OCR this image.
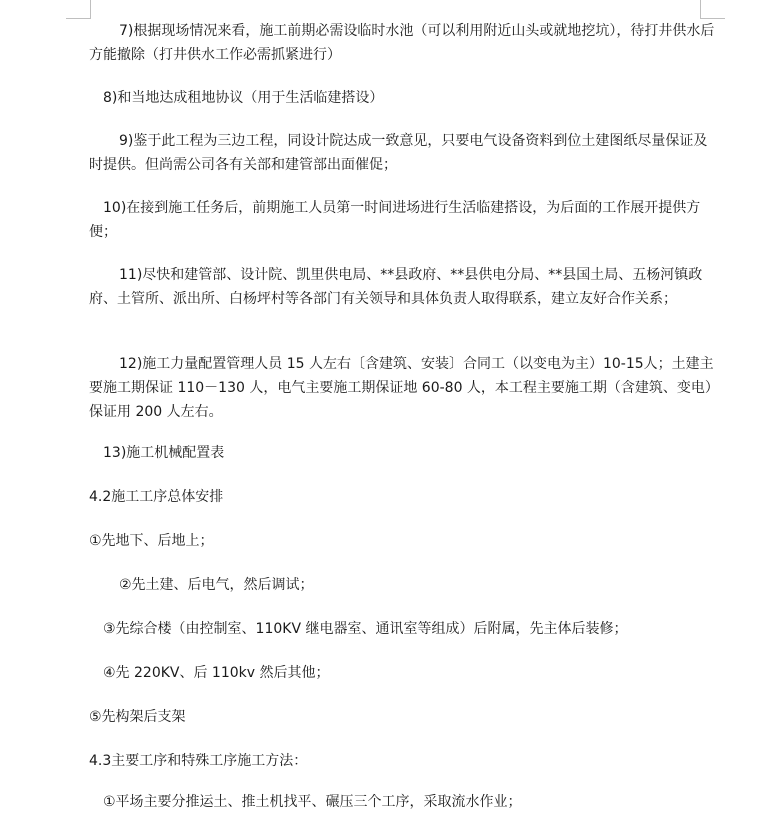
7)根据现场情况来看，施工前期必需设临时水池（可以利用附近山头或就地挖坑），待打井供水后方能撤除（打井供水工作必需抓紧进行）

8)和当地达成租地协议（用于生活临建搭设）

9)鉴于此工程为三边工程，同设计院达成一致意见，只要电气设备资料到位土建图纸尽量保证及时提供。但尚需公司各有关部和建管部出面催促；

10)在接到施工任务后，前期施工人员第一时间进场进行生活临建搭设，为后面的工作展开提供方便；

11)尽快和建管部、设计院、凯里供电局、**县政府、**县供电分局、**县国土局、五杨河镇政府、土管所、派出所、白杨坪村等各部门有关领导和具体负责人取得联系，建立友好合作关系；

12)施工力量配置管理人员 15 人左右〔含建筑、安装〕合同工（以变电为主）10-15人；土建主要施工期保证 110－130 人，电气主要施工期保证地 60-80 人，本工程主要施工期（含建筑、变电）保证用 200 人左右。

13)施工机械配置表

4.2施工工序总体安排

①先地下、后地上；

②先土建、后电气，然后调试；

③先综合楼（由控制室、110KV 继电器室、通讯室等组成）后附属，先主体后装修；

④先 220KV、后 110kv 然后其他；

⑤先构架后支架

4.3主要工序和特殊工序施工方法：

①平场主要分推运土、推土机找平、碾压三个工序，采取流水作业；
